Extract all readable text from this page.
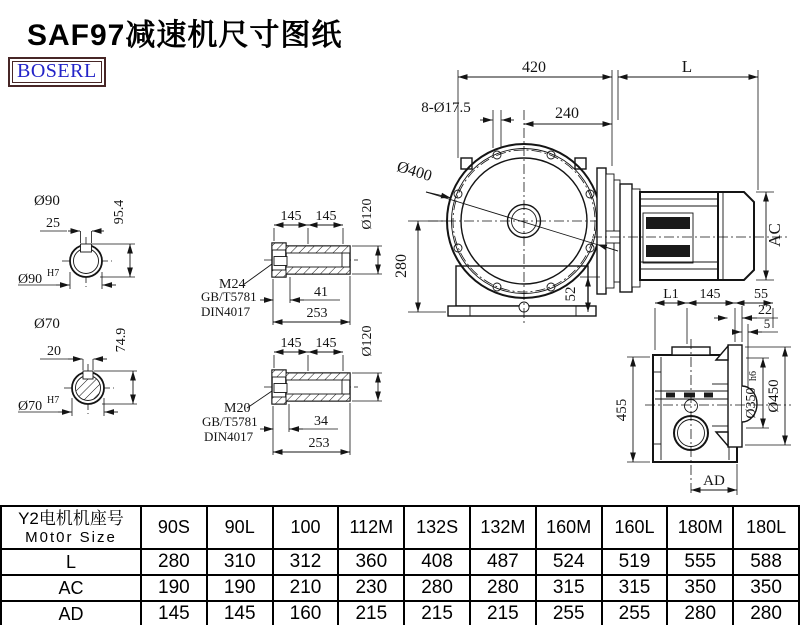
SAF97减速机尺寸图纸
BOSERL	420	L
240
8-Ø17.5
Ø400
280
52
AC
L1 145 55
22
5
455	Ø350
h6
Ø450
AD
25	95.4
Ø90
Ø90 H7
20	74.9
Ø70
Ø70 H7
145 145 Ø120
M24
GB/T5781
DIN4017
41
253
145 145 Ø120
M20
GB/T5781
DIN4017
34
253
Y2电机机座号
M0t0r Size	90S	90L	100	112M	132S	132M	160M	160L	180M	180L
L	280	310	312	360	408	487	524	519	555	588
AC	190	190	210	230	280	280	315	315	350	350
AD	145	145	160	215	215	215	255	255	280	280
